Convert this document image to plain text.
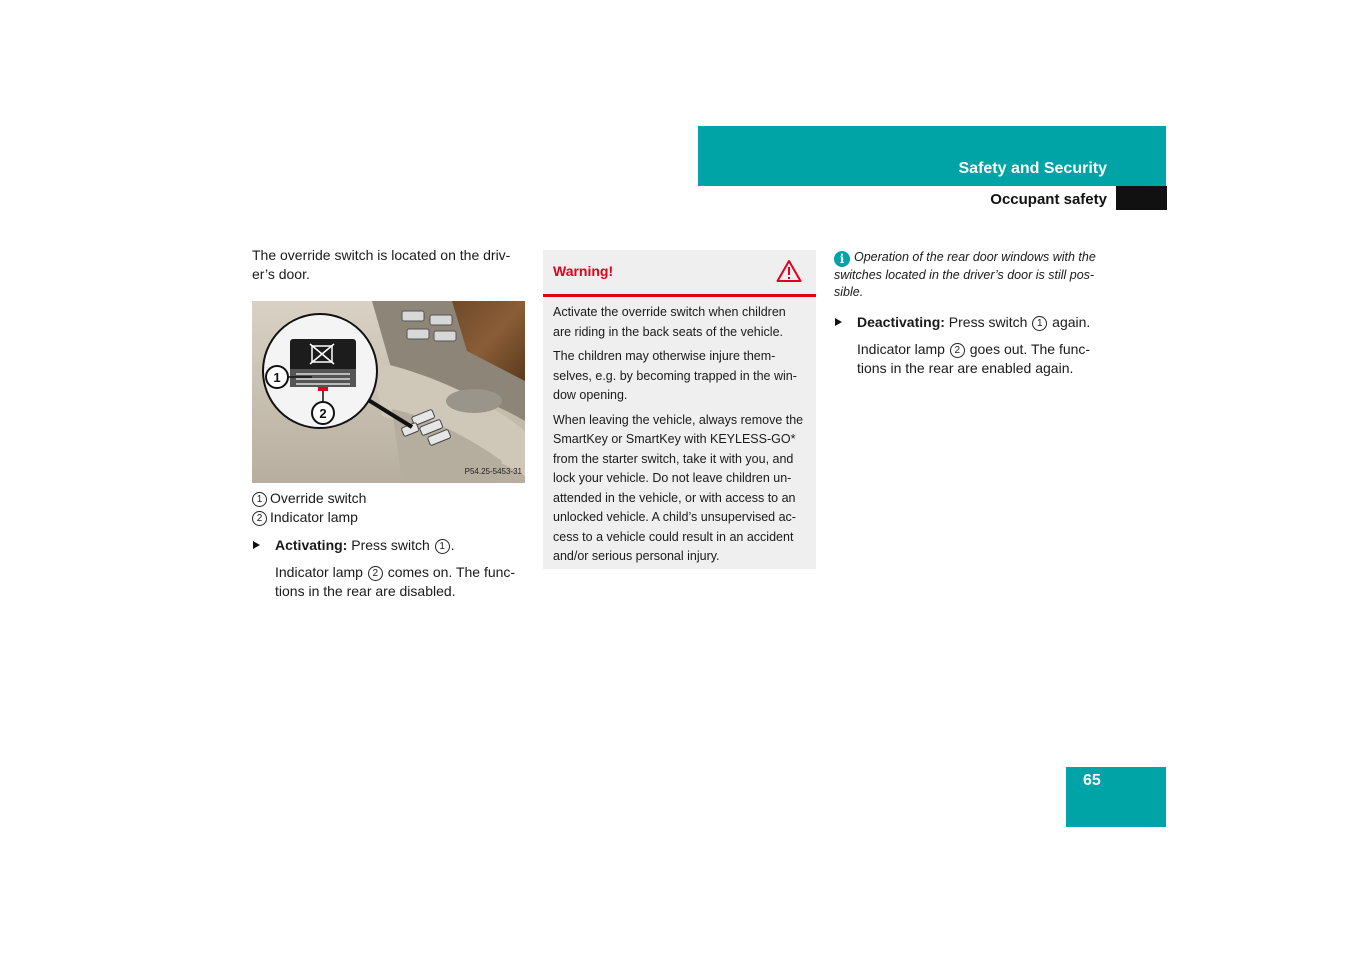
Safety and Security
Occupant safety

The override switch is located on the driv-er’s door.

1
2
P54.25-5453-31
1 Override switch
2 Indicator lamp
Activating: Press switch 1 .
Indicator lamp 2 comes on. The func-tions in the rear are disabled.
Warning!

Activate the override switch when children are riding in the back seats of the vehicle.

The children may otherwise injure them-selves, e.g. by becoming trapped in the win-dow opening.

When leaving the vehicle, always remove the SmartKey or SmartKey with KEYLESS-GO* from the starter switch, take it with you, and lock your vehicle. Do not leave children un-attended in the vehicle, or with access to an unlocked vehicle. A child’s unsupervised ac-cess to a vehicle could result in an accident and/or serious personal injury.

i Operation of the rear door windows with the switches located in the driver’s door is still pos-sible.

Deactivating: Press switch 1 again.
Indicator lamp 2 goes out. The func-tions in the rear are enabled again.
65
